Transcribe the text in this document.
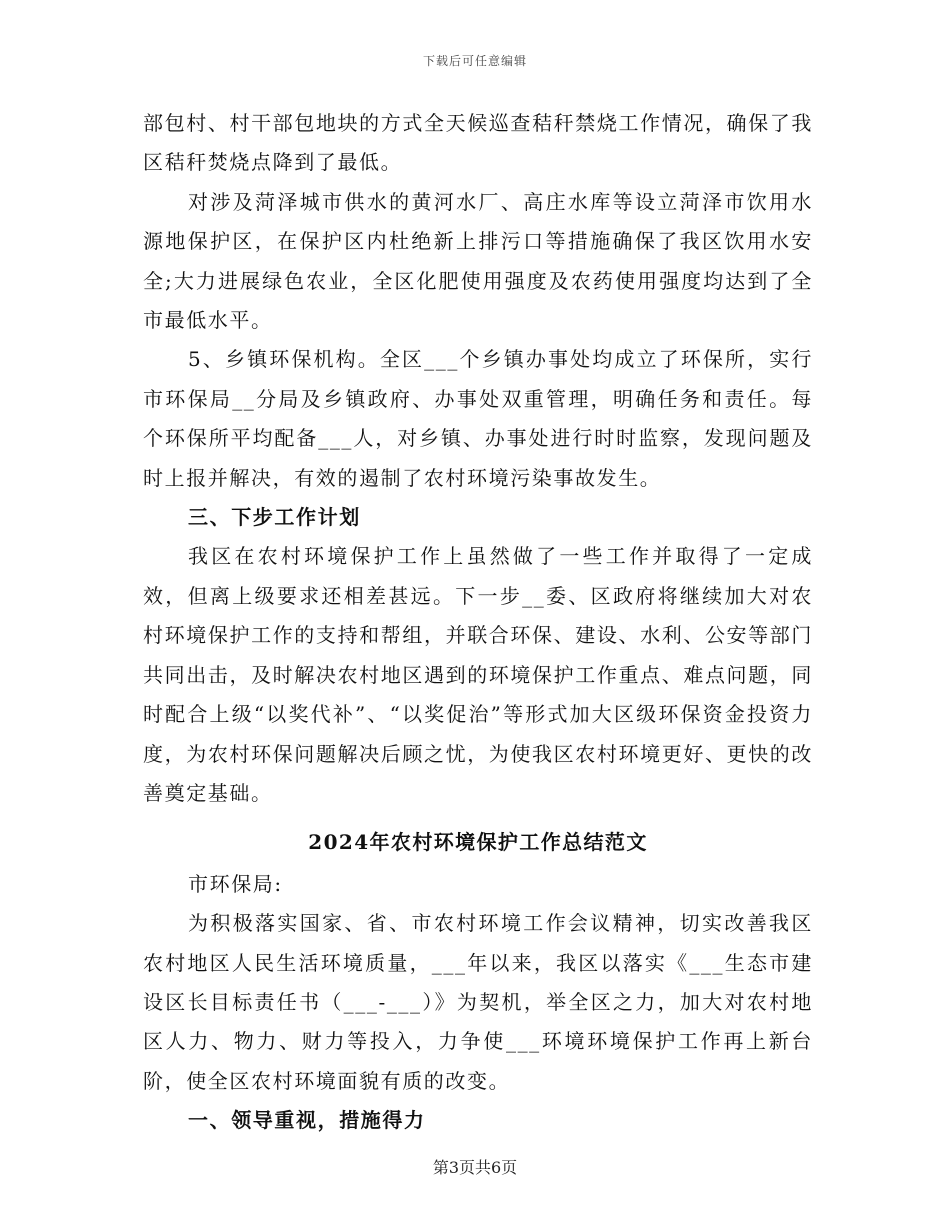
下载后可任意编辑

部包村、村干部包地块的方式全天候巡查秸秆禁烧工作情况，确保了我区秸秆焚烧点降到了最低。

对涉及菏泽城市供水的黄河水厂、高庄水库等设立菏泽市饮用水源地保护区，在保护区内杜绝新上排污口等措施确保了我区饮用水安全;大力进展绿色农业，全区化肥使用强度及农药使用强度均达到了全市最低水平。

5、乡镇环保机构。全区___个乡镇办事处均成立了环保所，实行市环保局__分局及乡镇政府、办事处双重管理，明确任务和责任。每个环保所平均配备___人，对乡镇、办事处进行时时监察，发现问题及时上报并解决，有效的遏制了农村环境污染事故发生。

三、下步工作计划

我区在农村环境保护工作上虽然做了一些工作并取得了一定成效，但离上级要求还相差甚远。下一步__委、区政府将继续加大对农村环境保护工作的支持和帮组，并联合环保、建设、水利、公安等部门共同出击，及时解决农村地区遇到的环境保护工作重点、难点问题，同时配合上级“以奖代补”、“以奖促治”等形式加大区级环保资金投资力度，为农村环保问题解决后顾之忧，为使我区农村环境更好、更快的改善奠定基础。

2024年农村环境保护工作总结范文

市环保局:

为积极落实国家、省、市农村环境工作会议精神，切实改善我区农村地区人民生活环境质量，___年以来，我区以落实《___生态市建设区长目标责任书（___-___）》为契机，举全区之力，加大对农村地区人力、物力、财力等投入，力争使___环境环境保护工作再上新台阶，使全区农村环境面貌有质的改变。

一、领导重视，措施得力

第3页共6页
